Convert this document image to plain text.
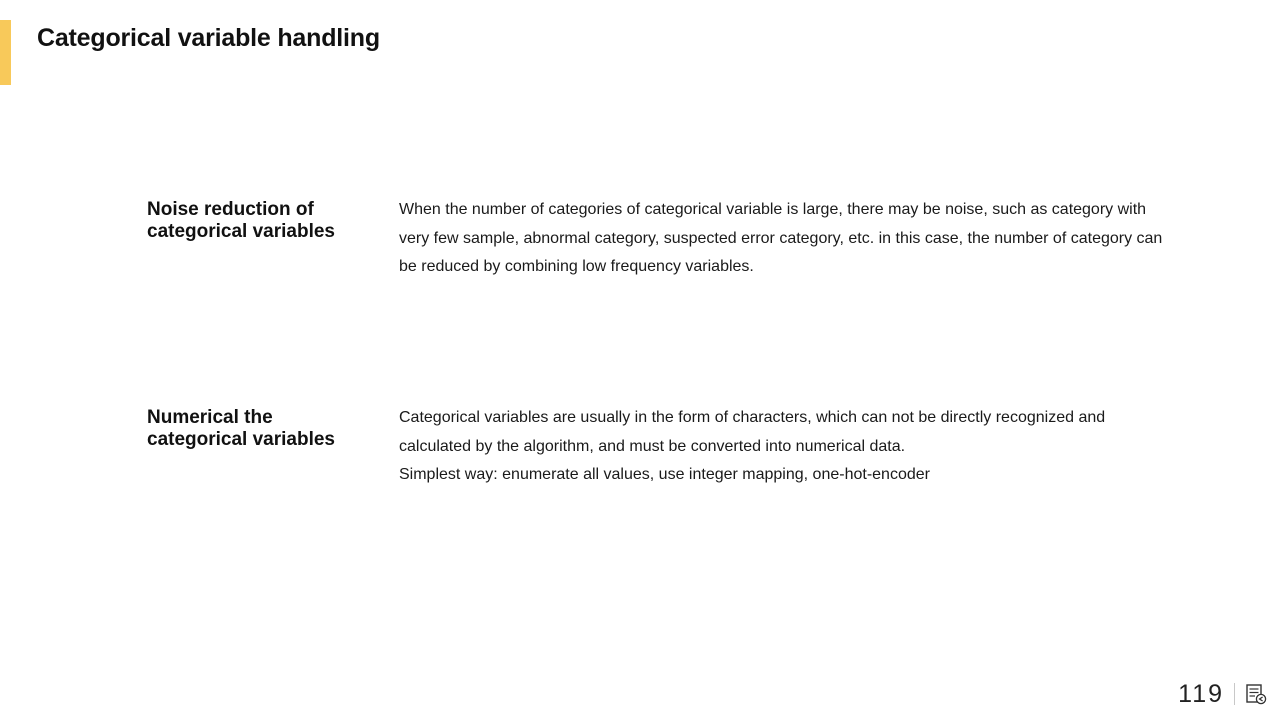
Categorical variable handling
Noise reduction of categorical variables

When the number of categories of categorical variable is large, there may be noise, such as category with very few sample, abnormal category, suspected error category, etc. in this case, the number of category can be reduced by combining low frequency variables.

Numerical the categorical variables

Categorical variables are usually in the form of characters, which can not be directly recognized and calculated by the algorithm, and must be converted into numerical data.
Simplest way: enumerate all values, use integer mapping, one-hot-encoder

119
